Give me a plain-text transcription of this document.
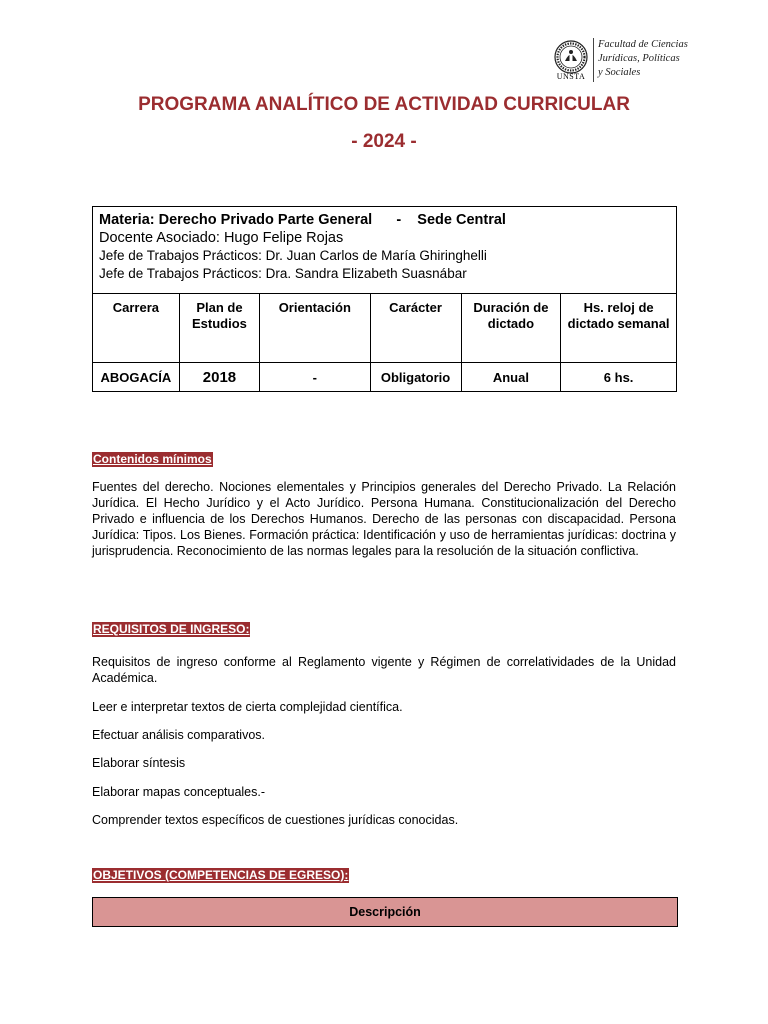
UNSTA
Facultad de Ciencias
Jurídicas, Políticas
y Sociales
PROGRAMA ANALÍTICO DE ACTIVIDAD CURRICULAR
- 2024 -
Materia: Derecho Privado Parte General      -    Sede Central
Docente Asociado: Hugo Felipe Rojas
Jefe de Trabajos Prácticos: Dr. Juan Carlos de María Ghiringhelli
Jefe de Trabajos Prácticos: Dra. Sandra Elizabeth Suasnábar					

Carrera	Plan de Estudios	Orientación	Carácter	Duración de dictado	Hs. reloj de dictado semanal
ABOGACÍA	2018	-	Obligatorio	Anual	6 hs.
Contenidos mínimos
Fuentes del derecho. Nociones elementales y Principios generales del Derecho Privado. La Relación Jurídica. El Hecho Jurídico y el Acto Jurídico. Persona Humana. Constitucionalización del Derecho Privado e influencia de los Derechos Humanos. Derecho de las personas con discapacidad. Persona Jurídica: Tipos. Los Bienes. Formación práctica: Identificación y uso de herramientas jurídicas: doctrina y jurisprudencia. Reconocimiento de las normas legales para la resolución de la situación conflictiva.
REQUISITOS DE INGRESO:
Requisitos de ingreso conforme al Reglamento vigente y Régimen de correlatividades de la Unidad Académica.
Leer e interpretar textos de cierta complejidad científica.
Efectuar análisis comparativos.
Elaborar síntesis
Elaborar mapas conceptuales.-
Comprender textos específicos de cuestiones jurídicas conocidas.
OBJETIVOS (COMPETENCIAS DE EGRESO):
Descripción
